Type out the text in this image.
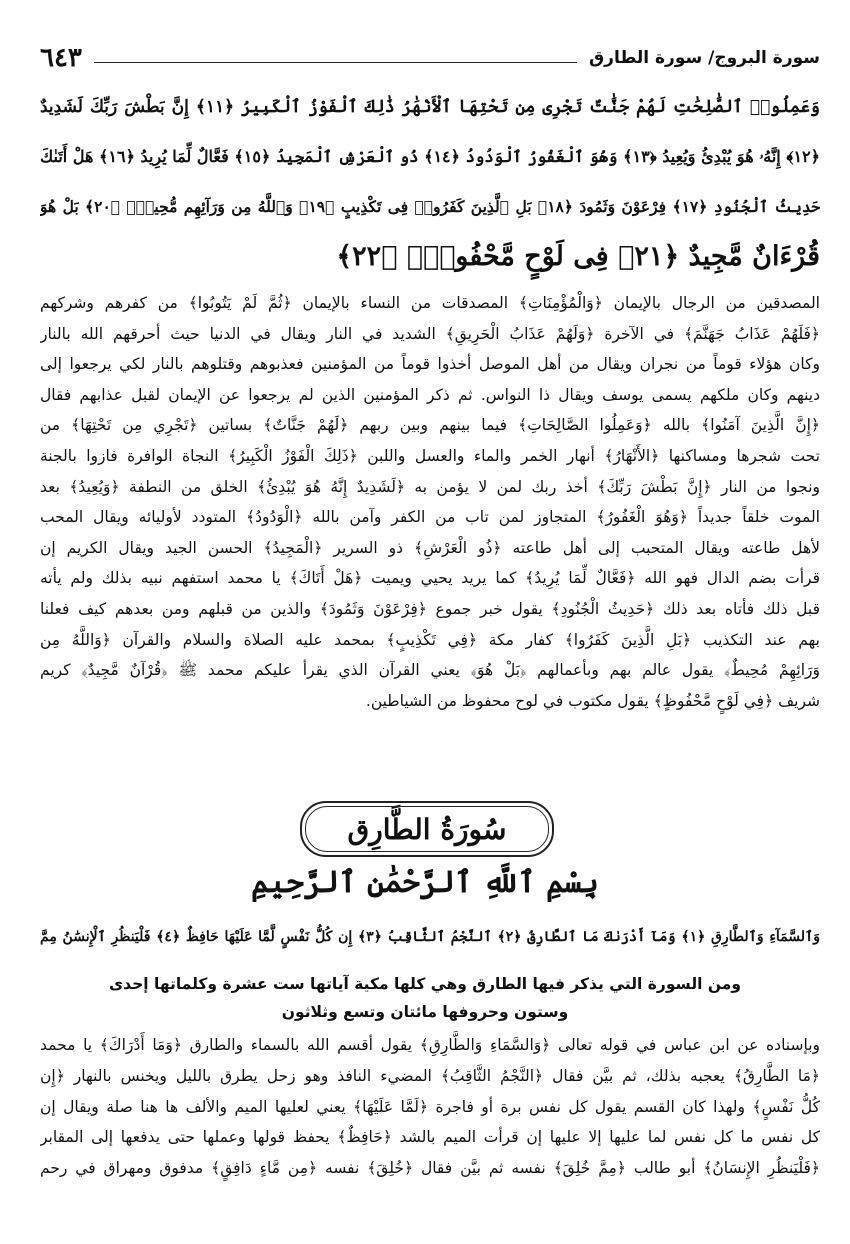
سورة البروج/ سورة الطارق
٦٤٣
وَعَمِلُوا۟ ٱلصَّٰلِحَٰتِ لَهُمْ جَنَّٰتٌ تَجْرِى مِن تَحْتِهَا ٱلْأَنْهَٰرُ ذَٰلِكَ ٱلْفَوْزُ ٱلْكَبِيرُ ﴿١١﴾ إِنَّ بَطْشَ رَبِّكَ لَشَدِيدٌ
﴿١٢﴾ إِنَّهُۥ هُوَ يُبْدِئُ وَيُعِيدُ ﴿١٣﴾ وَهُوَ ٱلْغَفُورُ ٱلْوَدُودُ ﴿١٤﴾ ذُو ٱلْعَرْشِ ٱلْمَجِيدُ ﴿١٥﴾ فَعَّالٌ لِّمَا يُرِيدُ ﴿١٦﴾ هَلْ أَتَىٰكَ
حَدِيثُ ٱلْجُنُودِ ﴿١٧﴾ فِرْعَوْنَ وَثَمُودَ ﴿١٨﴾ بَلِ ٱلَّذِينَ كَفَرُوا۟ فِى تَكْذِيبٍ ﴿١٩﴾ وَٱللَّهُ مِن وَرَآئِهِم مُّحِيطٌۢ ﴿٢٠﴾ بَلْ هُوَ
قُرْءَانٌ مَّجِيدٌ ﴿٢١﴾ فِى لَوْحٍ مَّحْفُوظٍۭ ﴿٢٢﴾
المصدقين من الرجال بالإيمان ﴿وَالْمُؤْمِنَاتِ﴾ المصدقات من النساء بالإيمان ﴿ثُمَّ لَمْ يَتُوبُوا﴾ من كفرهم وشركهم
﴿فَلَهُمْ عَذَابُ جَهَنَّمَ﴾ في الآخرة ﴿وَلَهُمْ عَذَابُ الْحَرِيقِ﴾ الشديد في النار ويقال في الدنيا حيث أحرقهم الله بالنار
وكان هؤلاء قوماً من نجران ويقال من أهل الموصل أخذوا قوماً من المؤمنين فعذبوهم وقتلوهم بالنار لكي يرجعوا إلى
دينهم وكان ملكهم يسمى يوسف ويقال ذا النواس. ثم ذكر المؤمنين الذين لم يرجعوا عن الإيمان لقبل عذابهم فقال
﴿إِنَّ الَّذِينَ آمَنُوا﴾ بالله ﴿وَعَمِلُوا الصَّالِحَاتِ﴾ فيما بينهم وبين ربهم ﴿لَهُمْ جَنَّاتٌ﴾ بساتين ﴿تَجْرِي مِن تَحْتِهَا﴾ من
تحت شجرها ومساكنها ﴿الأَنْهَارُ﴾ أنهار الخمر والماء والعسل واللبن ﴿ذَلِكَ الْفَوْزُ الْكَبِيرُ﴾ النجاة الوافرة فازوا بالجنة
ونجوا من النار ﴿إِنَّ بَطْشَ رَبِّكَ﴾ أخذ ربك لمن لا يؤمن به ﴿لَشَدِيدٌ إِنَّهُ هُوَ يُبْدِئُ﴾ الخلق من النطفة ﴿وَيُعِيدُ﴾ بعد
الموت خلقاً جديداً ﴿وَهُوَ الْغَفُورُ﴾ المتجاوز لمن تاب من الكفر وآمن بالله ﴿الْوَدُودُ﴾ المتودد لأوليائه ويقال المحب
لأهل طاعته ويقال المتحبب إلى أهل طاعته ﴿ذُو الْعَرْشِ﴾ ذو السرير ﴿الْمَجِيدُ﴾ الحسن الجيد ويقال الكريم إن
قرأت بضم الدال فهو الله ﴿فَعَّالٌ لِّمَا يُرِيدُ﴾ كما يريد يحيي ويميت ﴿هَلْ أَتَاكَ﴾ يا محمد استفهم نبيه بذلك ولم يأته
قبل ذلك فأتاه بعد ذلك ﴿حَدِيثُ الْجُنُودِ﴾ يقول خبر جموع ﴿فِرْعَوْنَ وَثَمُودَ﴾ والذين من قبلهم ومن بعدهم كيف فعلنا
بهم عند التكذيب ﴿بَلِ الَّذِينَ كَفَرُوا﴾ كفار مكة ﴿فِي تَكْذِيبٍ﴾ بمحمد عليه الصلاة والسلام والقرآن ﴿وَاللَّهُ مِن
وَرَائِهِمْ مُحِيطٌ﴾ يقول عالم بهم وبأعمالهم ﴿بَلْ هُوَ﴾ يعني القرآن الذي يقرأ عليكم محمد ﷺ ﴿قُرْآنٌ مَّجِيدٌ﴾ كريم
شريف ﴿فِي لَوْحٍ مَّحْفُوظٍ﴾ يقول مكتوب في لوح محفوظ من الشياطين.
سُورَةُ الطَّارِق
بِسْمِ ٱللَّهِ ٱلرَّحْمَٰنِ ٱلرَّحِيمِ
وَٱلسَّمَآءِ وَٱلطَّارِقِ ﴿١﴾ وَمَآ أَدْرَىٰكَ مَا ٱلطَّارِقُ ﴿٢﴾ ٱلنَّجْمُ ٱلثَّاقِبُ ﴿٣﴾ إِن كُلُّ نَفْسٍ لَّمَّا عَلَيْهَا حَافِظٌ ﴿٤﴾ فَلْيَنظُرِ ٱلْإِنسَٰنُ مِمَّ
ومن السورة التي يذكر فيها الطارق وهي كلها مكية آياتها ست عشرة وكلماتها إحدى
وستون وحروفها مائتان وتسع وثلاثون
وبإسناده عن ابن عباس في قوله تعالى ﴿وَالسَّمَاءِ وَالطَّارِقِ﴾ يقول أقسم الله بالسماء والطارق ﴿وَمَا أَدْرَاكَ﴾ يا محمد
﴿مَا الطَّارِقُ﴾ يعجبه بذلك، ثم بيَّن فقال ﴿النَّجْمُ الثَّاقِبُ﴾ المضيء النافذ وهو زحل يطرق بالليل ويخنس بالنهار ﴿إِن
كُلُّ نَفْسٍ﴾ ولهذا كان القسم يقول كل نفس برة أو فاجرة ﴿لَمَّا عَلَيْهَا﴾ يعني لعليها الميم والألف ها هنا صلة ويقال إن
كل نفس ما كل نفس لما عليها إلا عليها إن قرأت الميم بالشد ﴿حَافِظٌ﴾ يحفظ قولها وعملها حتى يدفعها إلى المقابر
﴿فَلْيَنظُرِ الإِنسَانُ﴾ أبو طالب ﴿مِمَّ خُلِقَ﴾ نفسه ثم بيَّن فقال ﴿خُلِقَ﴾ نفسه ﴿مِن مَّاءٍ دَافِقٍ﴾ مدفوق ومهراق في رحم
